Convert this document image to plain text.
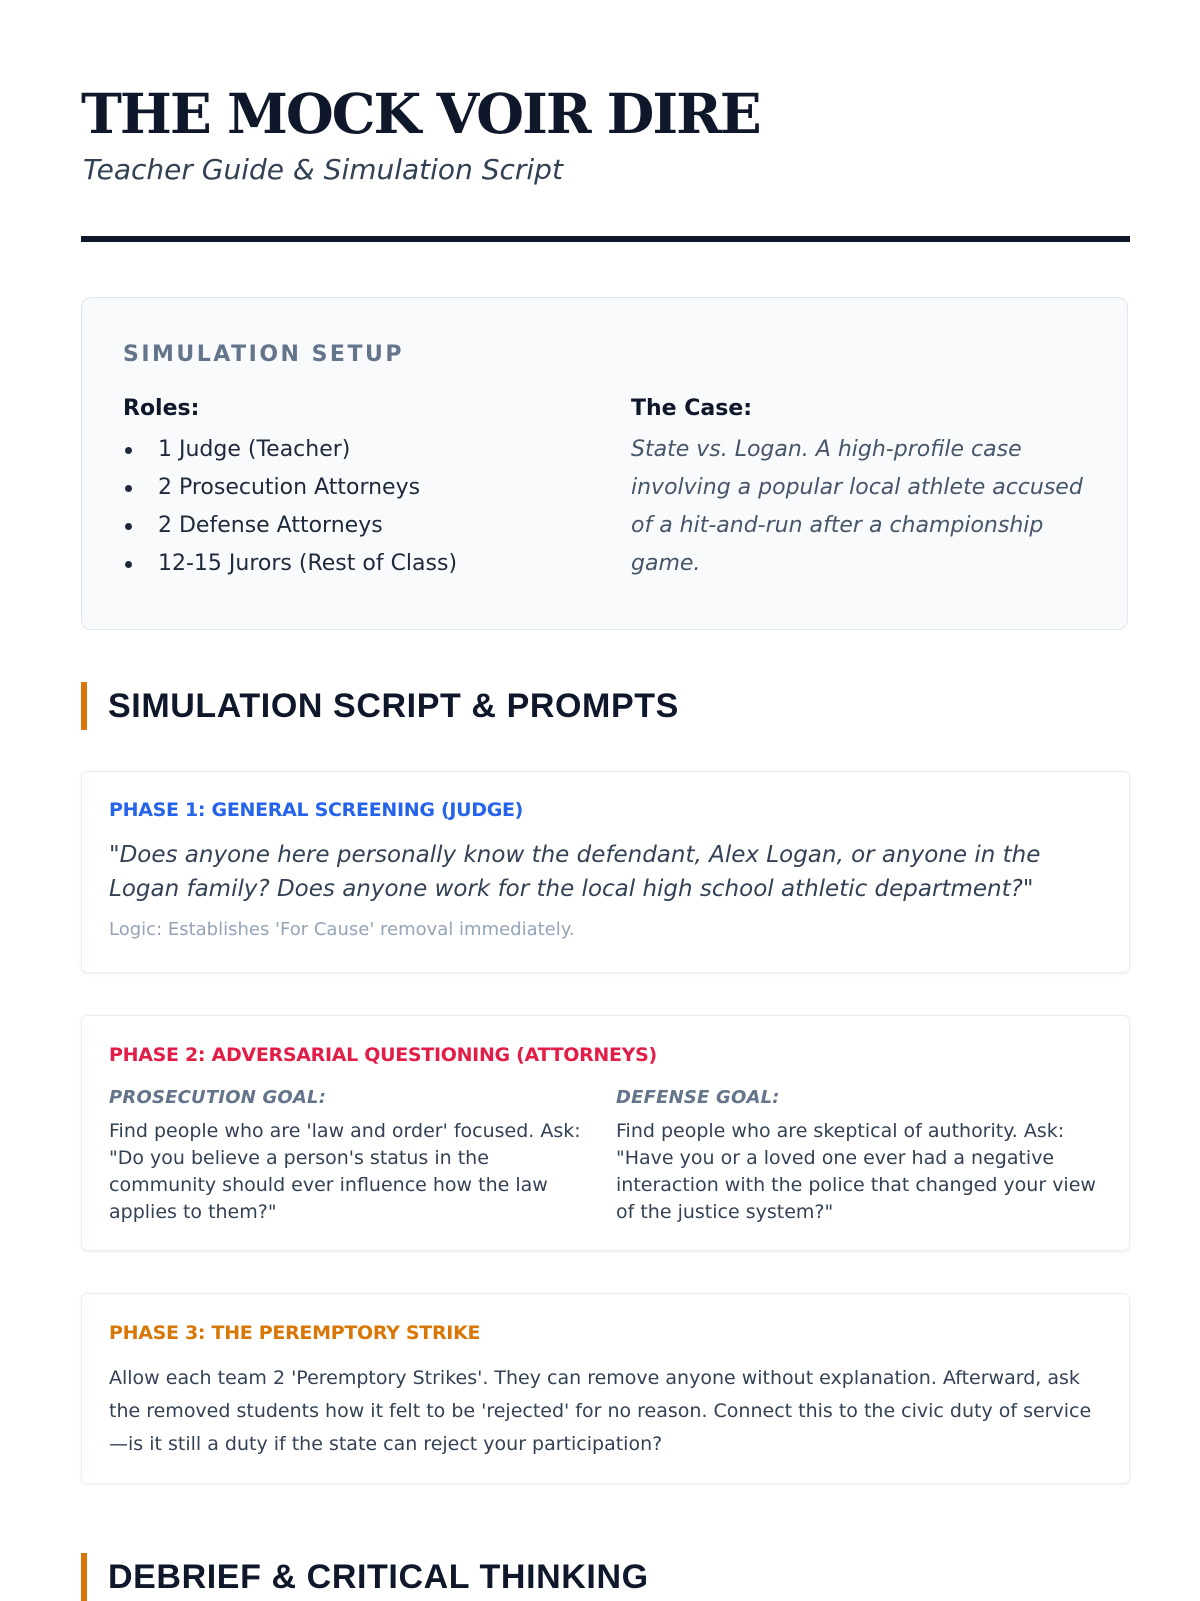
THE MOCK VOIR DIRE

Teacher Guide & Simulation Script

SIMULATION SETUP

Roles:

1 Judge (Teacher)
2 Prosecution Attorneys
2 Defense Attorneys
12-15 Jurors (Rest of Class)

The Case:

State vs. Logan. A high-profile case involving a popular local athlete accused of a hit-and-run after a championship game.

SIMULATION SCRIPT & PROMPTS
PHASE 1: GENERAL SCREENING (JUDGE)

"Does anyone here personally know the defendant, Alex Logan, or anyone in the Logan family? Does anyone work for the local high school athletic department?"

Logic: Establishes 'For Cause' removal immediately.

PHASE 2: ADVERSARIAL QUESTIONING (ATTORNEYS)

PROSECUTION GOAL:

Find people who are 'law and order' focused. Ask: "Do you believe a person's status in the community should ever influence how the law applies to them?"

DEFENSE GOAL:

Find people who are skeptical of authority. Ask: "Have you or a loved one ever had a negative interaction with the police that changed your view of the justice system?"

PHASE 3: THE PEREMPTORY STRIKE

Allow each team 2 'Peremptory Strikes'. They can remove anyone without explanation. Afterward, ask the removed students how it felt to be 'rejected' for no reason. Connect this to the civic duty of service—is it still a duty if the state can reject your participation?

DEBRIEF & CRITICAL THINKING
